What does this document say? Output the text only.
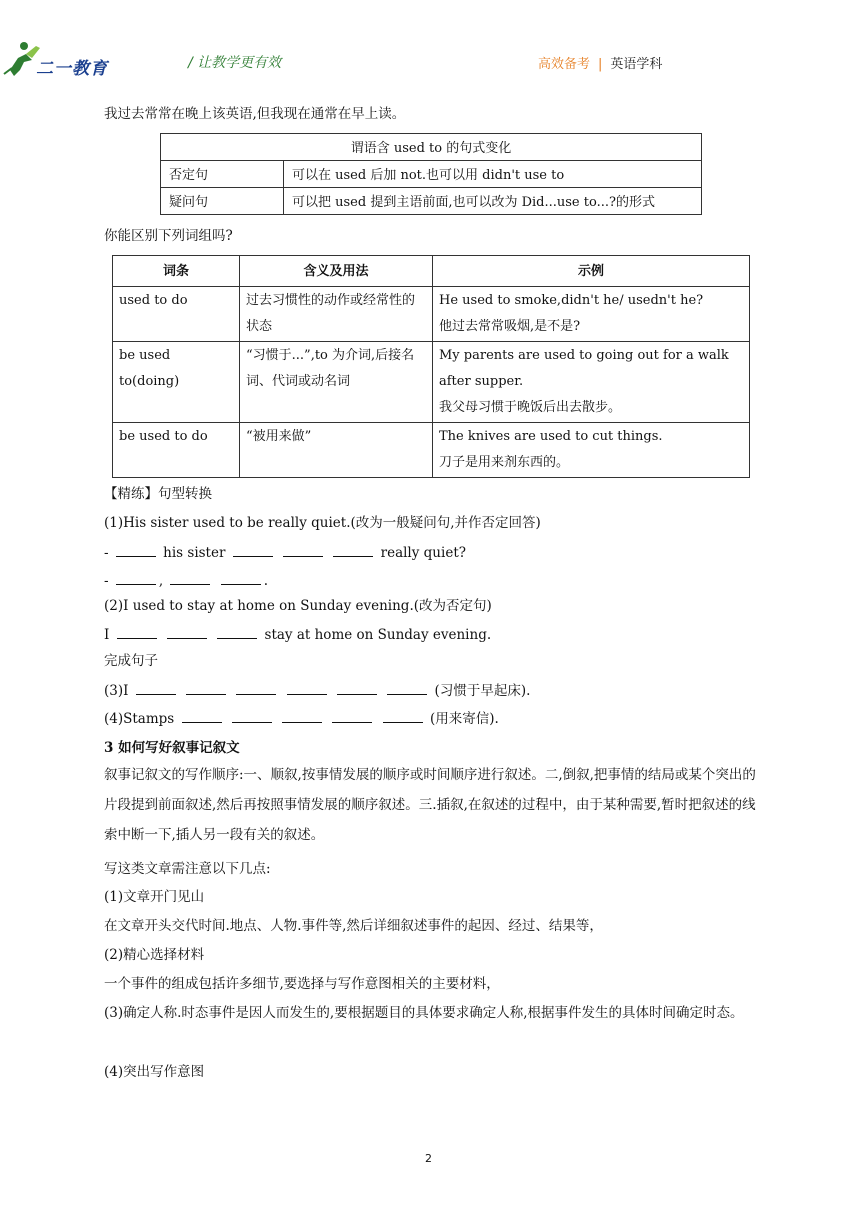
二一教育	/ 让教学更有效	高效备考 | 英语学科
我过去常常在晚上该英语,但我现在通常在早上读。
谓语含 used to 的句式变化	
否定句	可以在 used 后加 not.也可以用 didn't use to
疑问句	可以把 used 提到主语前面,也可以改为 Did...use to...?的形式
你能区别下列词组吗?
词条	含义及用法	示例
used to do	过去习惯性的动作或经常性的状态	He used to smoke,didn't he/ usedn't he?
他过去常常吸烟,是不是?

be used to(doing)	“习惯于...”,to 为介词,后接名词、代词或动名词	My parents are used to going out for a walk after supper.
我父母习惯于晚饭后出去散步。

be used to do	“被用来做”	The knives are used to cut things.
刀子是用来剂东西的。
【精练】句型转换
(1)His sister used to be really quiet.(改为一般疑问句,并作否定回答)
-	his sister	really quiet?
-	,	.
(2)I used to stay at home on Sunday evening.(改为否定句)
I	stay at home on Sunday evening.
完成句子
(3)I	(习惯于早起床).
(4)Stamps	(用来寄信).
3 如何写好叙事记叙文
叙事记叙文的写作顺序:一、顺叙,按事情发展的顺序或时间顺序进行叙述。二,倒叙,把事情的结局或某个突出的片段提到前面叙述,然后再按照事情发展的顺序叙述。三.插叙,在叙述的过程中，由于某种需要,暂时把叙述的线索中断一下,插人另一段有关的叙述。
写这类文章需注意以下几点:
(1)文章开门见山
在文章开头交代时间.地点、人物.事件等,然后详细叙述事件的起因、经过、结果等，
(2)精心选择材料
一个事件的组成包括许多细节,要选择与写作意图相关的主要材料，
(3)确定人称.时态事件是因人而发生的,要根据题目的具体要求确定人称,根据事件发生的具体时间确定时态。
(4)突出写作意图
2
